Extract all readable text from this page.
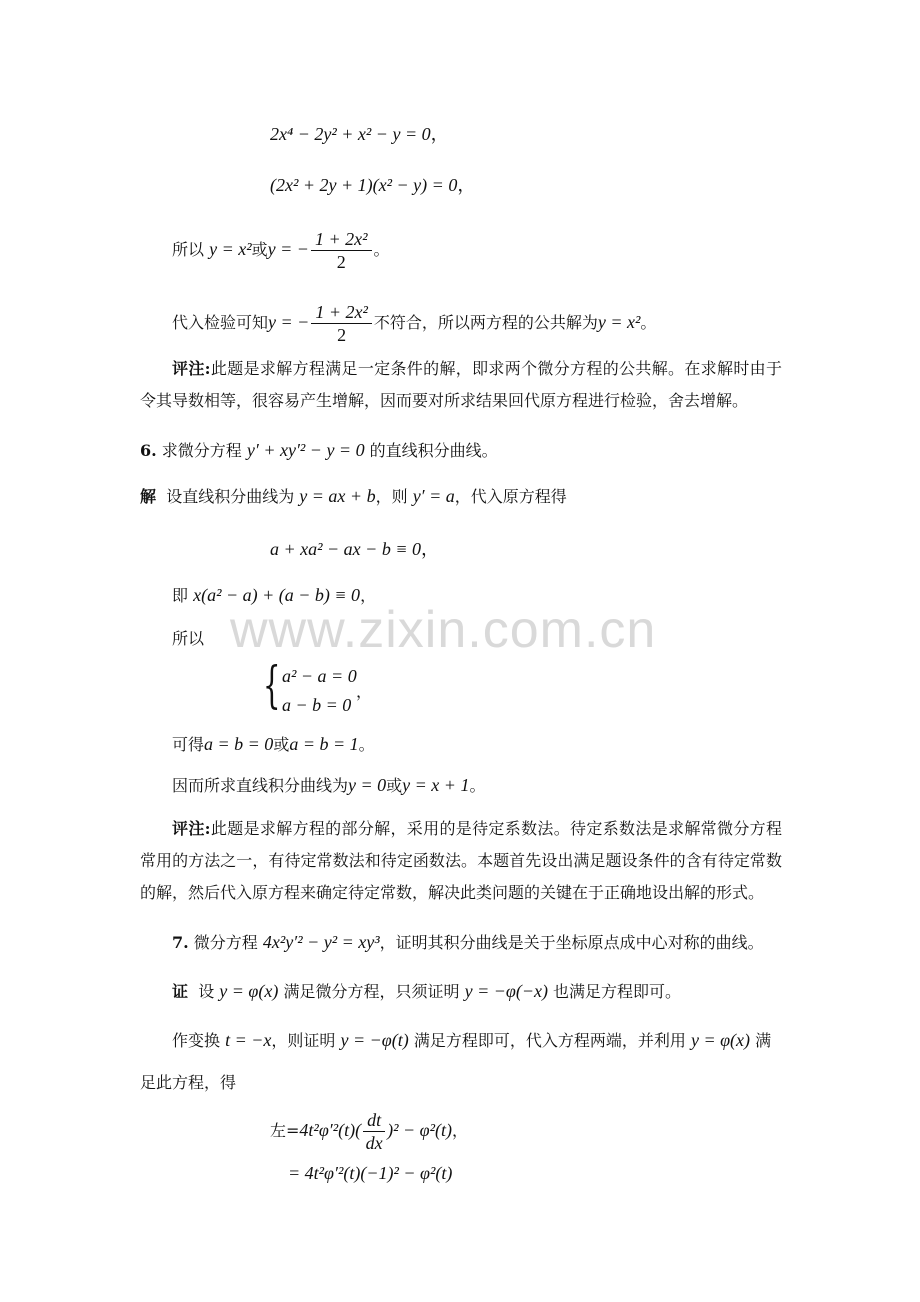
www.zixin.com.cn
2x⁴ − 2y² + x² − y = 0，
(2x² + 2y + 1)(x² − y) = 0，
所以 y = x²或y = − $\frac{\text{1 + 2x²}}{2}$ 。
代入检验可知y = − $\frac{\text{1 + 2x²}}{2}$ 不符合，所以两方程的公共解为y = x²。
评注:此题是求解方程满足一定条件的解，即求两个微分方程的公共解。在求解时由于令其导数相等，很容易产生增解，因而要对所求结果回代原方程进行检验，舍去增解。
6. 求微分方程 y′ + xy′² − y = 0 的直线积分曲线。
解 设直线积分曲线为 y = ax + b，则 y′ = a，代入原方程得
a + xa² − ax − b ≡ 0，
即 x(a² − a) + (a − b) ≡ 0，
所以
{ a² − a = 0
a − b = 0
，
可得a = b = 0或a = b = 1。
因而所求直线积分曲线为y = 0或y = x + 1。
评注:此题是求解方程的部分解，采用的是待定系数法。待定系数法是求解常微分方程常用的方法之一，有待定常数法和待定函数法。本题首先设出满足题设条件的含有待定常数的解，然后代入原方程来确定待定常数，解决此类问题的关键在于正确地设出解的形式。
7. 微分方程 4x²y′² − y² = xy³，证明其积分曲线是关于坐标原点成中心对称的曲线。
证 设 y = φ(x) 满足微分方程，只须证明 y = −φ(−x) 也满足方程即可。
作变换 t = −x，则证明 y = −φ(t) 满足方程即可，代入方程两端，并利用 y = φ(x) 满
足此方程，得
左$=4t^2\varphi'^2(t)( \frac{dt}{dx} )^2 - \varphi^2(t)$，
= 4t²φ′²(t)(−1)² − φ²(t)
